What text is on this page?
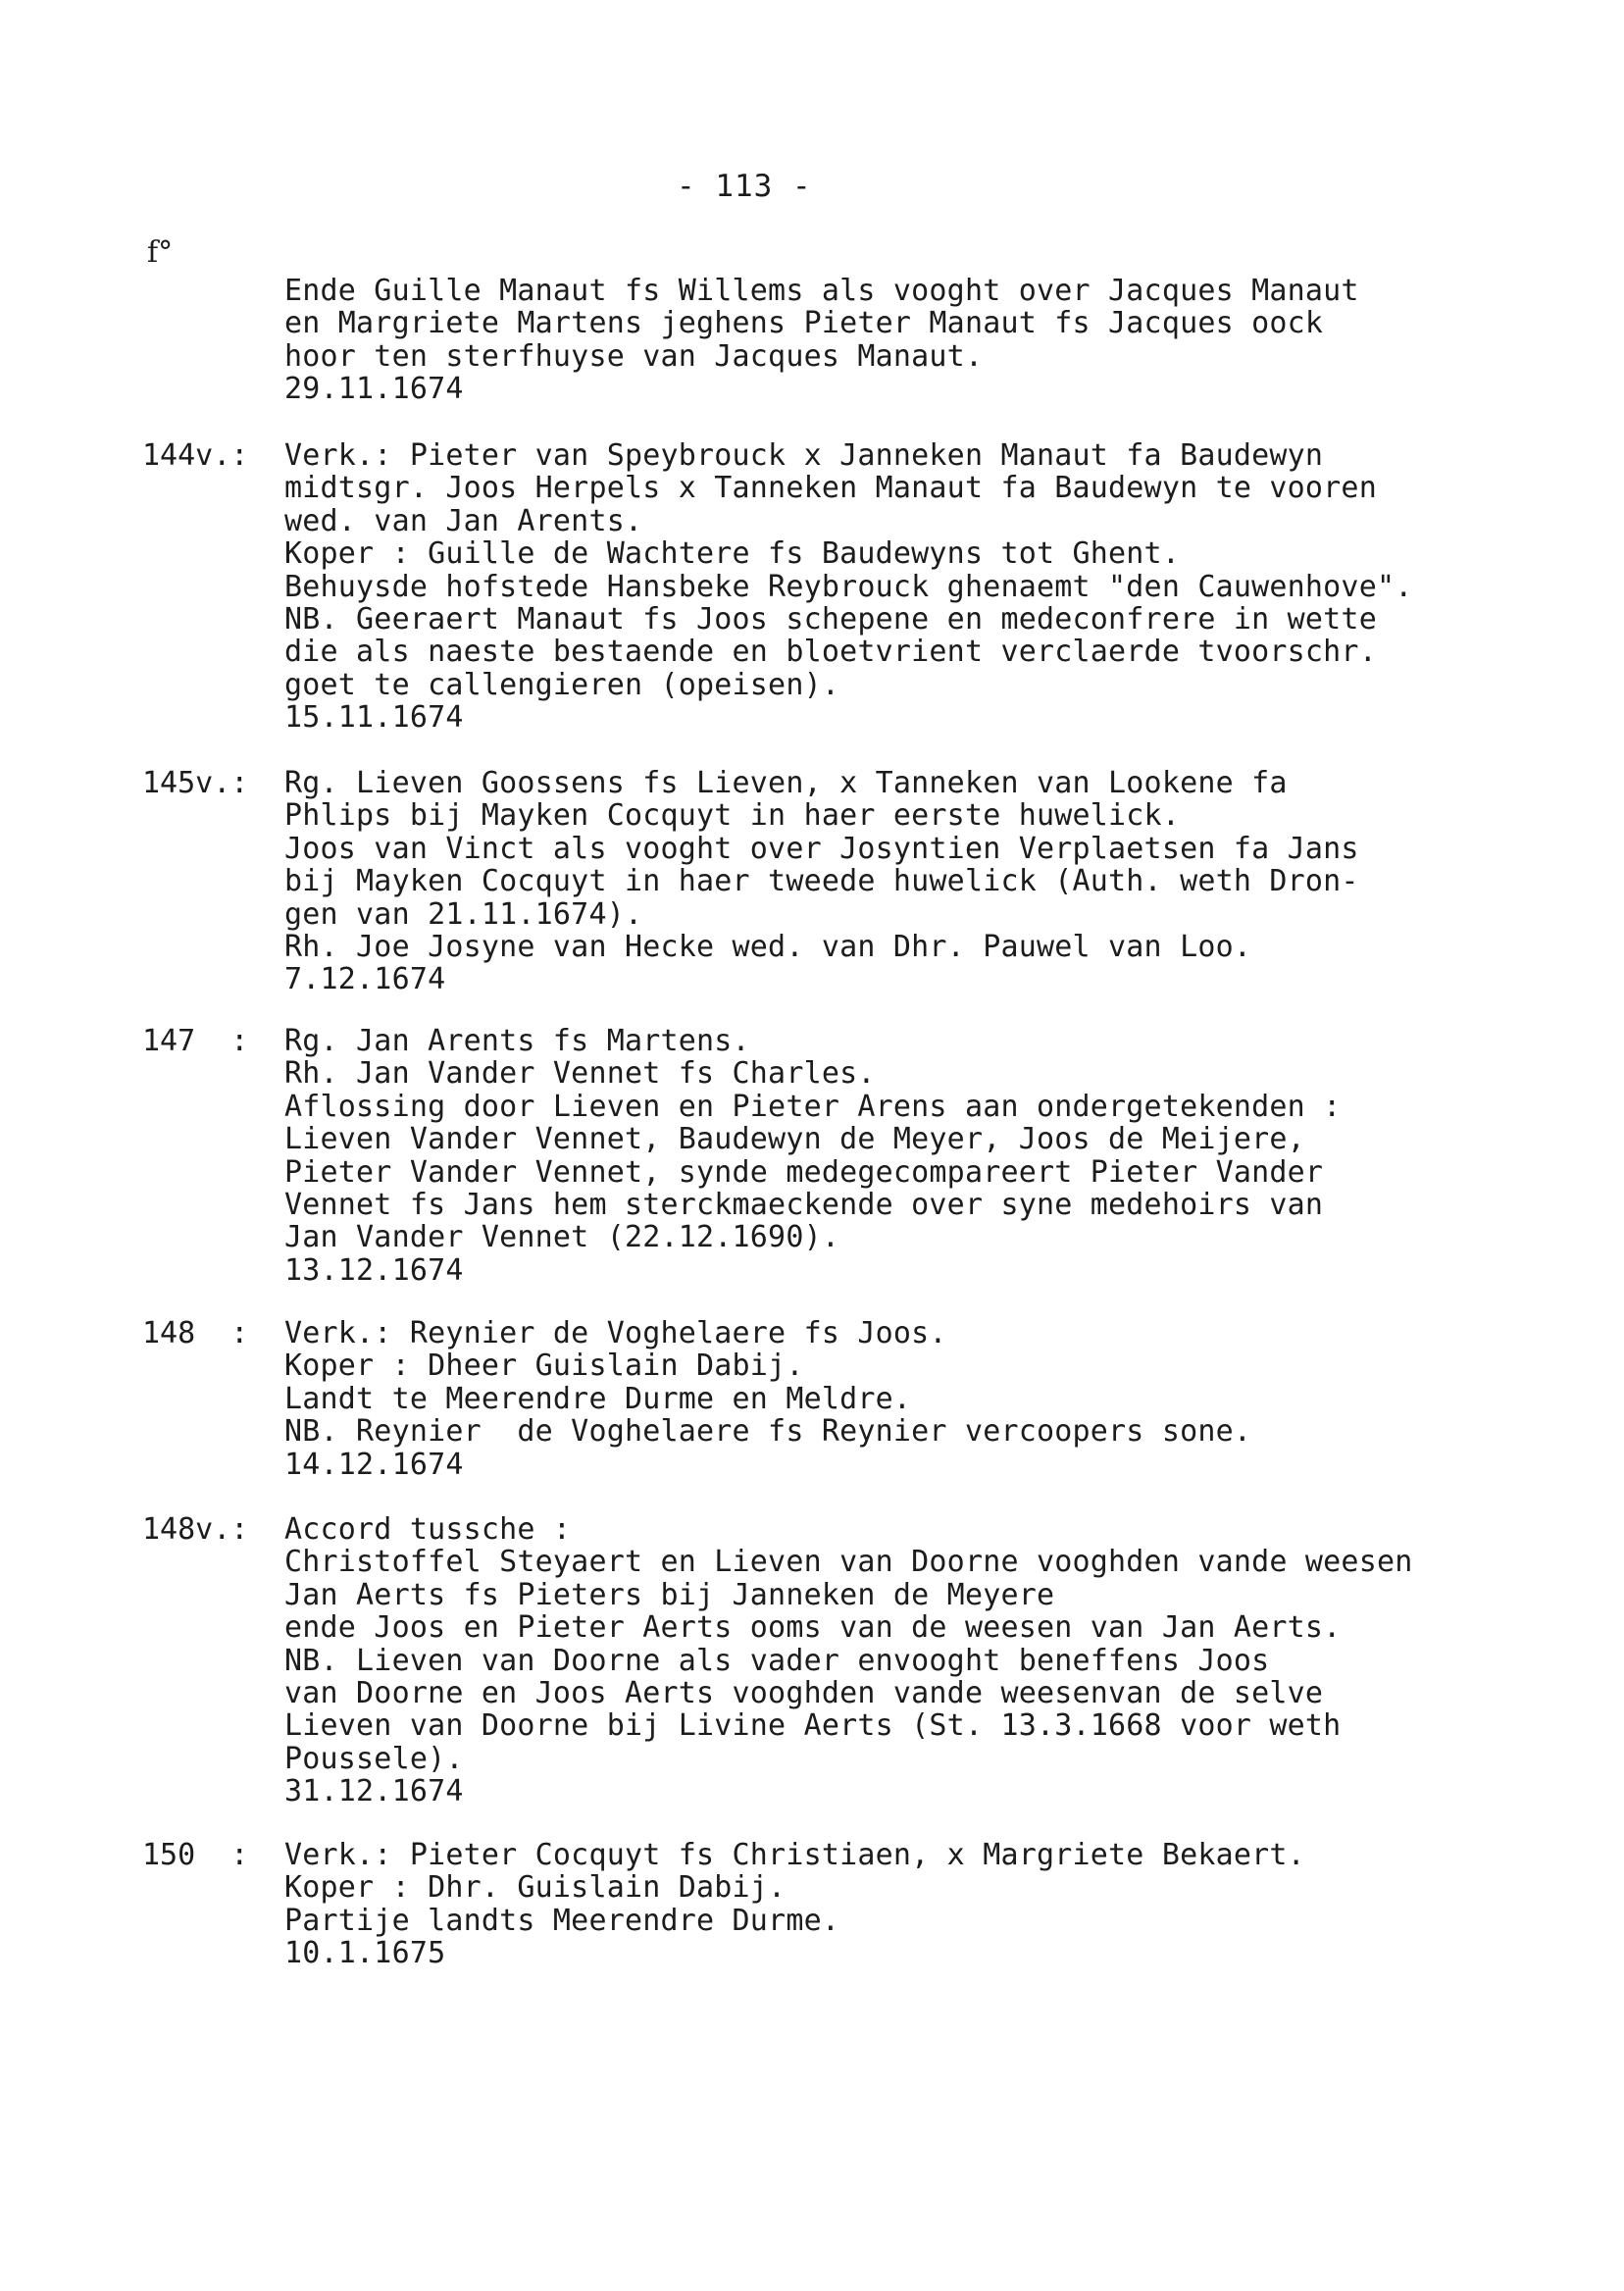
- 113 -
f°
Ende Guille Manaut fs Willems als vooght over Jacques Manaut
en Margriete Martens jeghens Pieter Manaut fs Jacques oock
hoor ten sterfhuyse van Jacques Manaut.
29.11.1674
144v.: Verk.: Pieter van Speybrouck x Janneken Manaut fa Baudewyn
midtsgr. Joos Herpels x Tanneken Manaut fa Baudewyn te vooren
wed. van Jan Arents.
Koper : Guille de Wachtere fs Baudewyns tot Ghent.
Behuysde hofstede Hansbeke Reybrouck ghenaemt "den Cauwenhove".
NB. Geeraert Manaut fs Joos schepene en medeconfrere in wette
die als naeste bestaende en bloetvrient verclaerde tvoorschr.
goet te callengieren (opeisen).
15.11.1674
145v.: Rg. Lieven Goossens fs Lieven, x Tanneken van Lookene fa
Phlips bij Mayken Cocquyt in haer eerste huwelick.
Joos van Vinct als vooght over Josyntien Verplaetsen fa Jans
bij Mayken Cocquyt in haer tweede huwelick (Auth. weth Dron-
gen van 21.11.1674).
Rh. Joe Josyne van Hecke wed. van Dhr. Pauwel van Loo.
7.12.1674
147  : Rg. Jan Arents fs Martens.
Rh. Jan Vander Vennet fs Charles.
Aflossing door Lieven en Pieter Arens aan ondergetekenden :
Lieven Vander Vennet, Baudewyn de Meyer, Joos de Meijere,
Pieter Vander Vennet, synde medegecompareert Pieter Vander
Vennet fs Jans hem sterckmaeckende over syne medehoirs van
Jan Vander Vennet (22.12.1690).
13.12.1674
148  : Verk.: Reynier de Voghelaere fs Joos.
Koper : Dheer Guislain Dabij.
Landt te Meerendre Durme en Meldre.
NB. Reynier  de Voghelaere fs Reynier vercoopers sone.
14.12.1674
148v.: Accord tussche :
Christoffel Steyaert en Lieven van Doorne vooghden vande weesen
Jan Aerts fs Pieters bij Janneken de Meyere
ende Joos en Pieter Aerts ooms van de weesen van Jan Aerts.
NB. Lieven van Doorne als vader envooght beneffens Joos
van Doorne en Joos Aerts vooghden vande weesenvan de selve
Lieven van Doorne bij Livine Aerts (St. 13.3.1668 voor weth
Poussele).
31.12.1674
150  : Verk.: Pieter Cocquyt fs Christiaen, x Margriete Bekaert.
Koper : Dhr. Guislain Dabij.
Partije landts Meerendre Durme.
10.1.1675
